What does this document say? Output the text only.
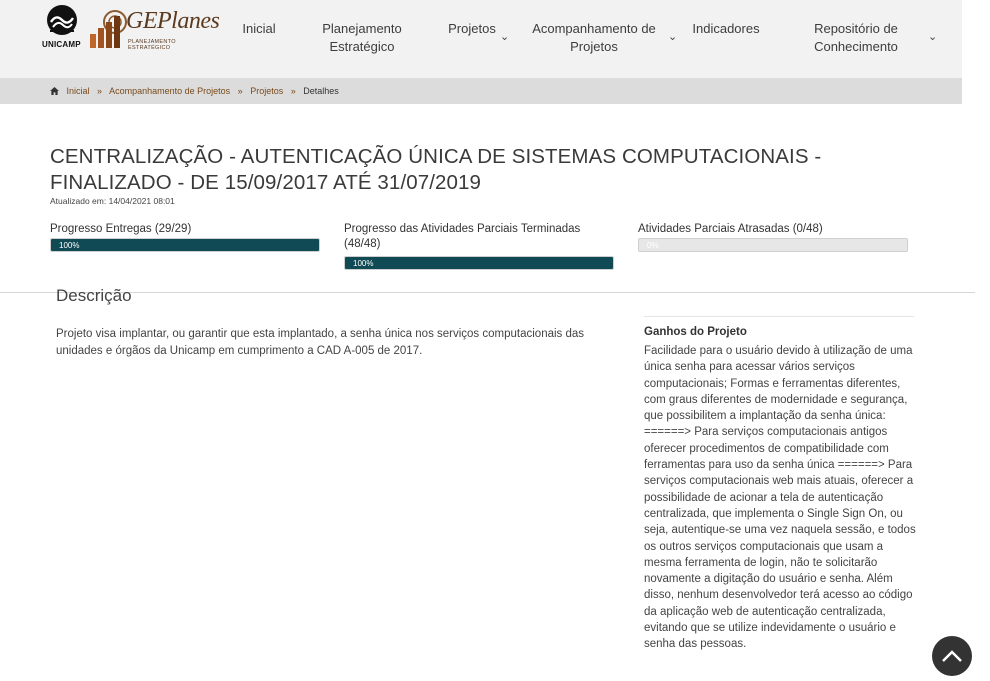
UNICAMP
GEPlanes
PLANEJAMENTO ESTRATÉGICO
Inicial	Planejamento Estratégico
Projetos
⌄
Acompanhamento de Projetos
⌄
Indicadores	Repositório de Conhecimento
⌄
Inicial » Acompanhamento de Projetos » Projetos » Detalhes
CENTRALIZAÇÃO - AUTENTICAÇÃO ÚNICA DE SISTEMAS COMPUTACIONAIS - FINALIZADO - DE 15/09/2017 ATÉ 31/07/2019
Atualizado em: 14/04/2021 08:01
Progresso Entregas (29/29)
100%
Progresso das Atividades Parciais Terminadas (48/48)
100%
Atividades Parciais Atrasadas (0/48)
0%
Descrição
Projeto visa implantar, ou garantir que esta implantado, a senha única nos serviços computacionais das unidades e órgãos da Unicamp em cumprimento a CAD A-005 de 2017.
Ganhos do Projeto
Facilidade para o usuário devido à utilização de uma única senha para acessar vários serviços computacionais; Formas e ferramentas diferentes, com graus diferentes de modernidade e segurança, que possibilitem a implantação da senha única: ======> Para serviços computacionais antigos oferecer procedimentos de compatibilidade com ferramentas para uso da senha única ======> Para serviços computacionais web mais atuais, oferecer a possibilidade de acionar a tela de autenticação centralizada, que implementa o Single Sign On, ou seja, autentique-se uma vez naquela sessão, e todos os outros serviços computacionais que usam a mesma ferramenta de login, não te solicitarão novamente a digitação do usuário e senha. Além disso, nenhum desenvolvedor terá acesso ao código da aplicação web de autenticação centralizada, evitando que se utilize indevidamente o usuário e senha das pessoas.
